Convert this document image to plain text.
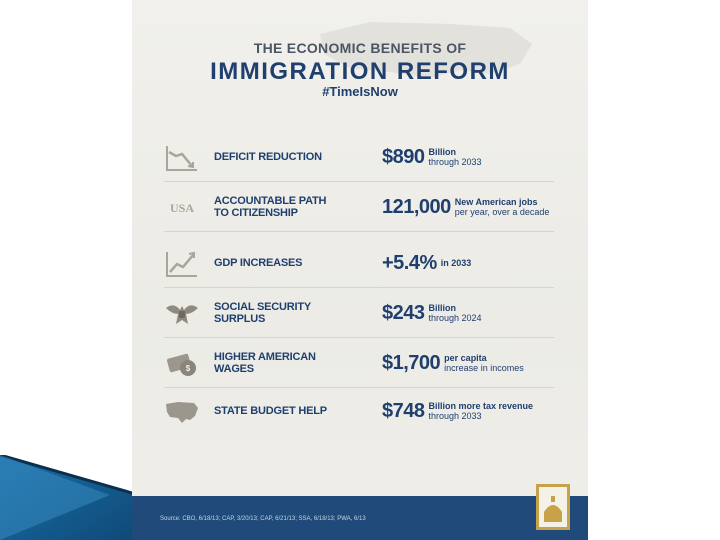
THE ECONOMIC BENEFITS OF
IMMIGRATION REFORM
#TimeIsNow
DEFICIT REDUCTION	$890 Billion
through 2033
USA ACCOUNTABLE PATH TO CITIZENSHIP	121,000 New American jobs
per year, over a decade
GDP INCREASES	+5.4% in 2033
SOCIAL SECURITY SURPLUS	$243 Billion
through 2024
$
HIGHER AMERICAN WAGES	$1,700 per capita
increase in incomes
STATE BUDGET HELP	$748 Billion more tax revenue
through 2033
Source: CBO, 6/18/13; CAP, 3/20/13; CAP, 6/21/13; SSA, 6/18/13; PWA, 6/13
